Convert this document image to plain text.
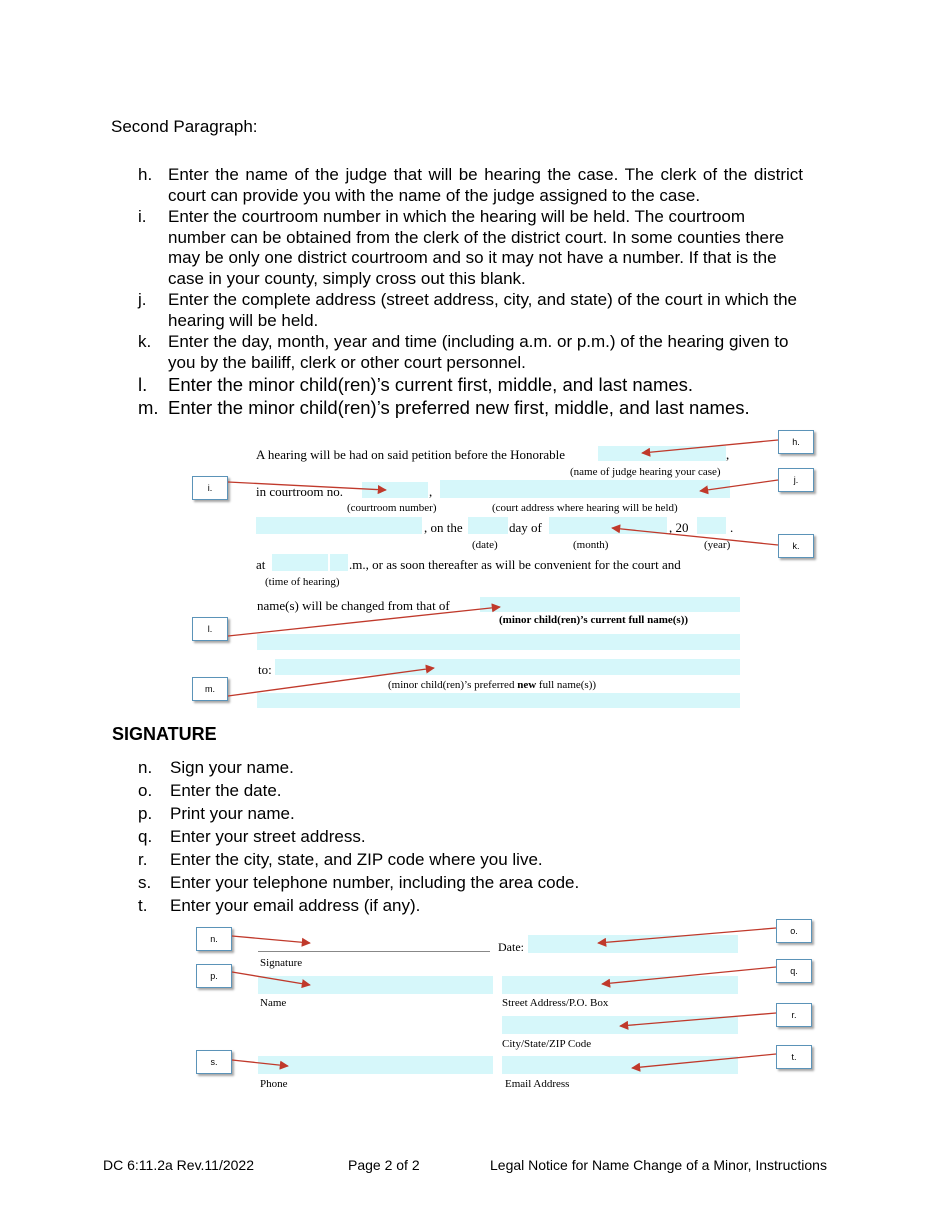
Second Paragraph:
h. Enter the name of the judge that will be hearing the case. The clerk of the district court can provide you with the name of the judge assigned to the case.
i. Enter the courtroom number in which the hearing will be held. The courtroom number can be obtained from the clerk of the district court. In some counties there may be only one district courtroom and so it may not have a number. If that is the case in your county, simply cross out this blank.
j. Enter the complete address (street address, city, and state) of the court in which the hearing will be held.
k. Enter the day, month, year and time (including a.m. or p.m.) of the hearing given to you by the bailiff, clerk or other court personnel.
l. Enter the minor child(ren)’s current first, middle, and last names.
m. Enter the minor child(ren)’s preferred new first, middle, and last names.
A hearing will be had on said petition before the Honorable	,
(name of judge hearing your case)
in courtroom no.	,
(courtroom number)	(court address where hearing will be held)
, on the	day of	, 20	.
(date)	(month)	(year)
at	.m., or as soon thereafter as will be convenient for the court and
(time of hearing)
name(s) will be changed from that of
(minor child(ren)’s current full name(s))
to:
(minor child(ren)’s preferred new full name(s))
h.
i.
j.
k.
l.
m.
SIGNATURE
n. Sign your name.
o. Enter the date.
p. Print your name.
q. Enter your street address.
r. Enter the city, state, and ZIP code where you live.
s. Enter your telephone number, including the area code.
t. Enter your email address (if any).
Signature
Date:
Name	Street Address/P.O. Box
City/State/ZIP Code
Phone	Email Address
n.
o.
p.	q.
r.
s.	t.
DC 6:11.2a Rev.11/2022	Page 2 of 2	Legal Notice for Name Change of a Minor, Instructions
